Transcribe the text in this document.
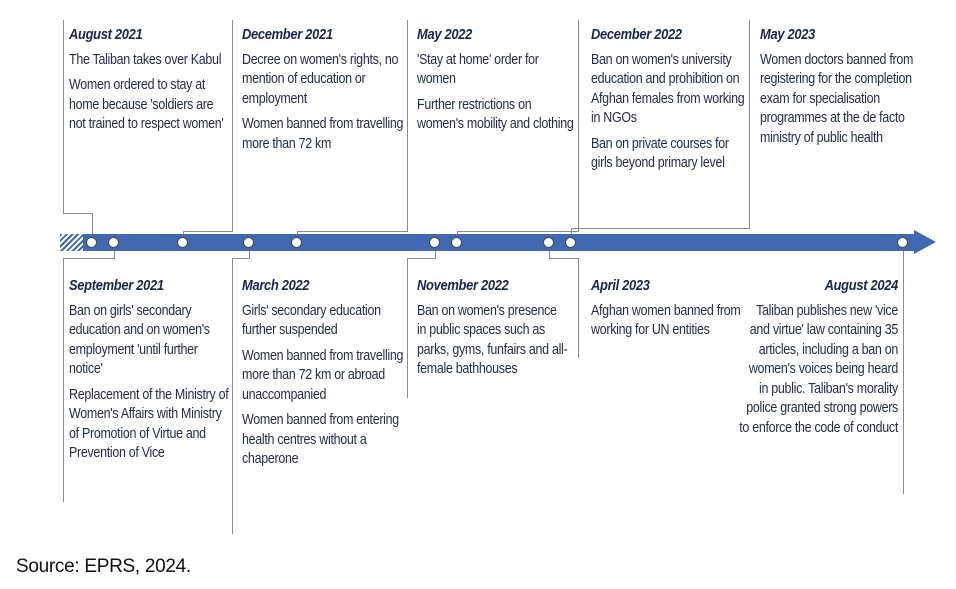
August 2021
The Taliban takes over Kabul
Women ordered to stay at home because 'soldiers are not trained to respect women'
December 2021
Decree on women's rights, no mention of education or employment
Women banned from travelling more than 72 km
May 2022
'Stay at home' order for women
Further restrictions on women's mobility and clothing
December 2022
Ban on women's university education and prohibition on Afghan females from working in NGOs
Ban on private courses for girls beyond primary level
May 2023
Women doctors banned from registering for the completion exam for specialisation programmes at the de facto ministry of public health
September 2021
Ban on girls' secondary education and on women's employment 'until further notice'
Replacement of the Ministry of Women's Affairs with Ministry of Promotion of Virtue and Prevention of Vice
March 2022
Girls' secondary education further suspended
Women banned from travelling more than 72 km or abroad unaccompanied
Women banned from entering health centres without a chaperone
November 2022
Ban on women's presence in public spaces such as parks, gyms, funfairs and all-female bathhouses
April 2023
Afghan women banned from working for UN entities
August 2024
Taliban publishes new 'vice and virtue' law containing 35 articles, including a ban on women's voices being heard in public. Taliban's morality police granted strong powers to enforce the code of conduct
Source: EPRS, 2024.
